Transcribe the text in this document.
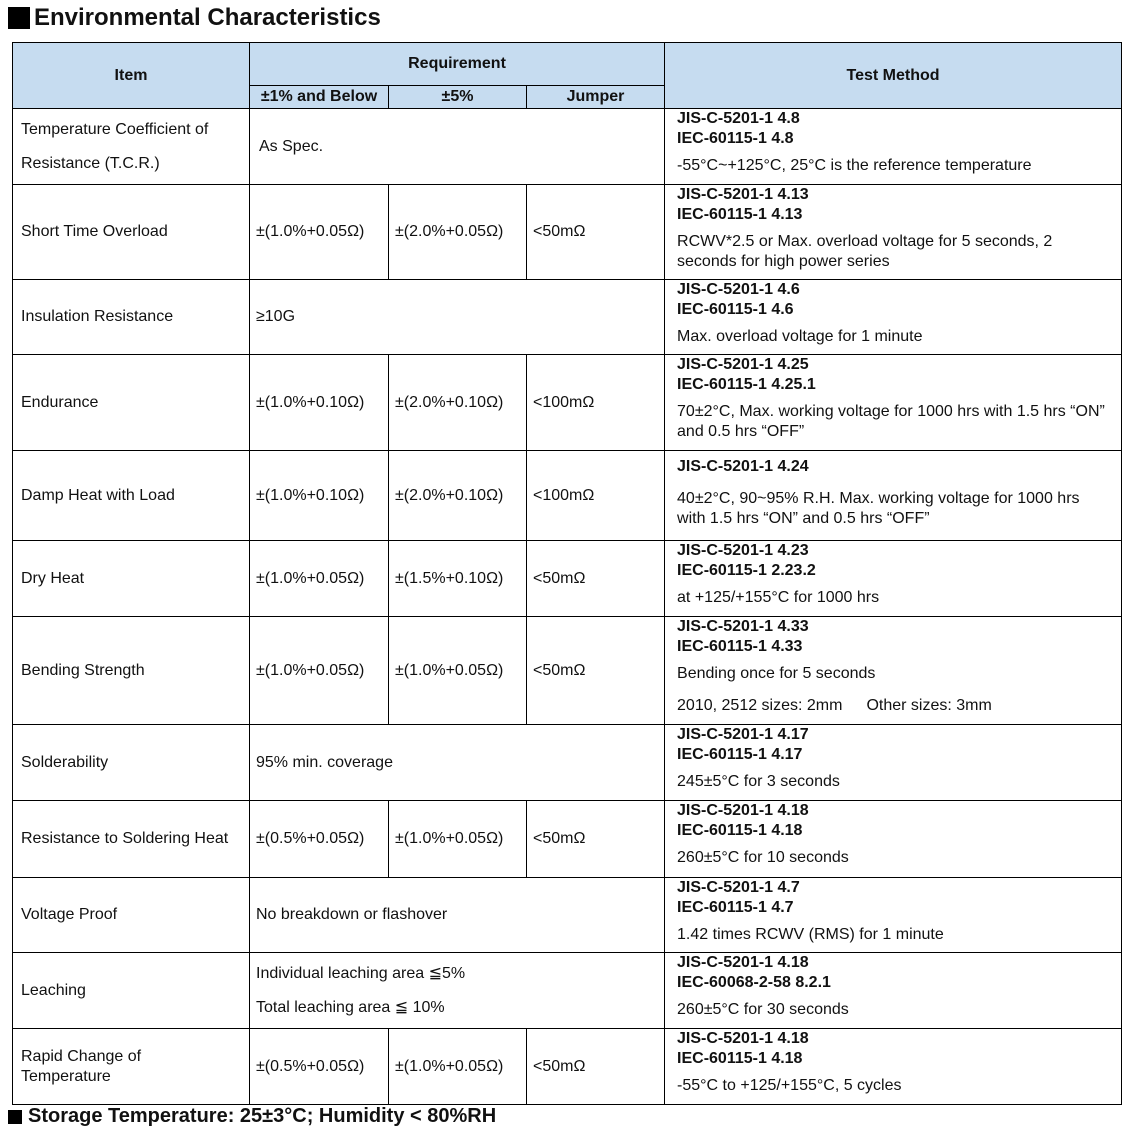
Environmental Characteristics
Item	Requirement			Test Method
	±1% and Below	±5%	Jumper	
Temperature Coefficient of
Resistance (T.C.R.)	As Spec.			JIS-C-5201-1 4.8
IEC-60115-1 4.8
-55°C~+125°C, 25°C is the reference temperature

Short Time Overload	±(1.0%+0.05Ω)	±(2.0%+0.05Ω)	<50mΩ	JIS-C-5201-1 4.13
IEC-60115-1 4.13
RCWV*2.5 or Max. overload voltage for 5 seconds, 2 seconds for high power series

Insulation Resistance	≥10G			JIS-C-5201-1 4.6
IEC-60115-1 4.6
Max. overload voltage for 1 minute

Endurance	±(1.0%+0.10Ω)	±(2.0%+0.10Ω)	<100mΩ	JIS-C-5201-1 4.25
IEC-60115-1 4.25.1
70±2°C, Max. working voltage for 1000 hrs with 1.5 hrs “ON” and 0.5 hrs “OFF”

Damp Heat with Load	±(1.0%+0.10Ω)	±(2.0%+0.10Ω)	<100mΩ	JIS-C-5201-1 4.24
40±2°C, 90~95% R.H. Max. working voltage for 1000 hrs with 1.5 hrs “ON” and 0.5 hrs “OFF”

Dry Heat	±(1.0%+0.05Ω)	±(1.5%+0.10Ω)	<50mΩ	JIS-C-5201-1 4.23
IEC-60115-1 2.23.2
at +125/+155°C for 1000 hrs

Bending Strength	±(1.0%+0.05Ω)	±(1.0%+0.05Ω)	<50mΩ	JIS-C-5201-1 4.33
IEC-60115-1 4.33
Bending once for 5 seconds
2010, 2512 sizes: 2mm Other sizes: 3mm

Solderability	95% min. coverage			JIS-C-5201-1 4.17
IEC-60115-1 4.17
245±5°C for 3 seconds

Resistance to Soldering Heat	±(0.5%+0.05Ω)	±(1.0%+0.05Ω)	<50mΩ	JIS-C-5201-1 4.18
IEC-60115-1 4.18
260±5°C for 10 seconds

Voltage Proof	No breakdown or flashover			JIS-C-5201-1 4.7
IEC-60115-1 4.7
1.42 times RCWV (RMS) for 1 minute

Leaching	Individual leaching area ≦5%
Total leaching area ≦ 10%			JIS-C-5201-1 4.18
IEC-60068-2-58 8.2.1
260±5°C for 30 seconds

Rapid Change of
Temperature	±(0.5%+0.05Ω)	±(1.0%+0.05Ω)	<50mΩ	JIS-C-5201-1 4.18
IEC-60115-1 4.18
-55°C to +125/+155°C, 5 cycles
Storage Temperature: 25±3°C; Humidity < 80%RH
